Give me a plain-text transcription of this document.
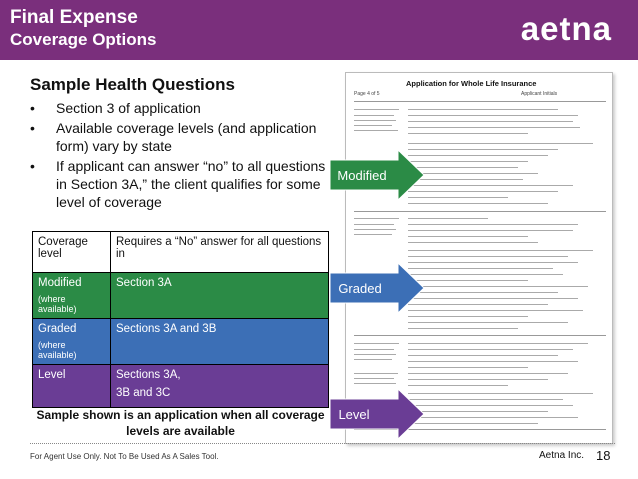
Final Expense
Coverage Options	aetna
Sample Health Questions
• Section 3 of application
• Available coverage levels (and application form) vary by state
• If applicant can answer “no” to all questions in Section 3A,” the client qualifies for some level of coverage
Coverage level	Requires a “No” answer for all questions in
Modified
(where available)	Section 3A
Graded
(where available)	Sections 3A and 3B
Level	Sections 3A,

3B and 3C
Sample shown is an application when all coverage levels are available
Application for Whole Life Insurance
Page 4 of 5	Applicant Initials
Modified
Graded
Level
For Agent Use Only. Not To Be Used As A Sales Tool.	Aetna Inc. 18
